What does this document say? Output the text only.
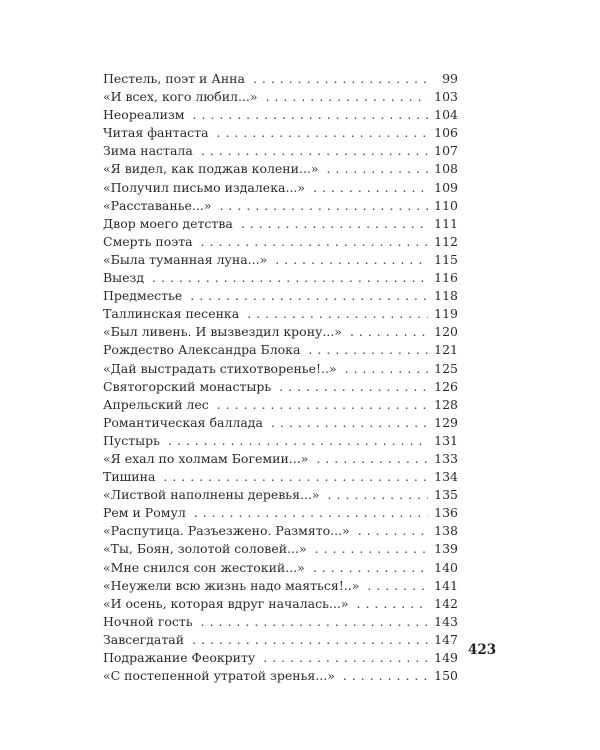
Пестель, поэт и Анна . . .	99
«И всех, кого любил...» . . .	103
Неореализм . . .	104
Читая фантаста . . .	106
Зима настала . . .	107
«Я видел, как поджав колени...» . . .	108
«Получил письмо издалека...» . . .	109
«Расставанье...» . . .	110
Двор моего детства . . .	111
Смерть поэта . . .	112
«Была туманная луна...» . . .	115
Выезд . . .	116
Предместье . . .	118
Таллинская песенка . . .	119
«Был ливень. И вызвездил крону...» . . .	120
Рождество Александра Блока . . .	121
«Дай выстрадать стихотворенье!..» . . .	125
Святогорский монастырь . . .	126
Апрельский лес . . .	128
Романтическая баллада . . .	129
Пустырь . . .	131
«Я ехал по холмам Богемии...» . . .	133
Тишина . . .	134
«Листвой наполнены деревья...» . . .	135
Рем и Ромул . . .	136
«Распутица. Разъезжено. Размято...» . . .	138
«Ты, Боян, золотой соловей...» . . .	139
«Мне снился сон жестокий...» . . .	140
«Неужели всю жизнь надо маяться!..» . . .	141
«И осень, которая вдруг началась...» . . .	142
Ночной гость . . .	143
Завсегдатай . . .	147
Подражание Феокриту . . .	149
«С постепенной утратой зренья...» . . .	150
423
